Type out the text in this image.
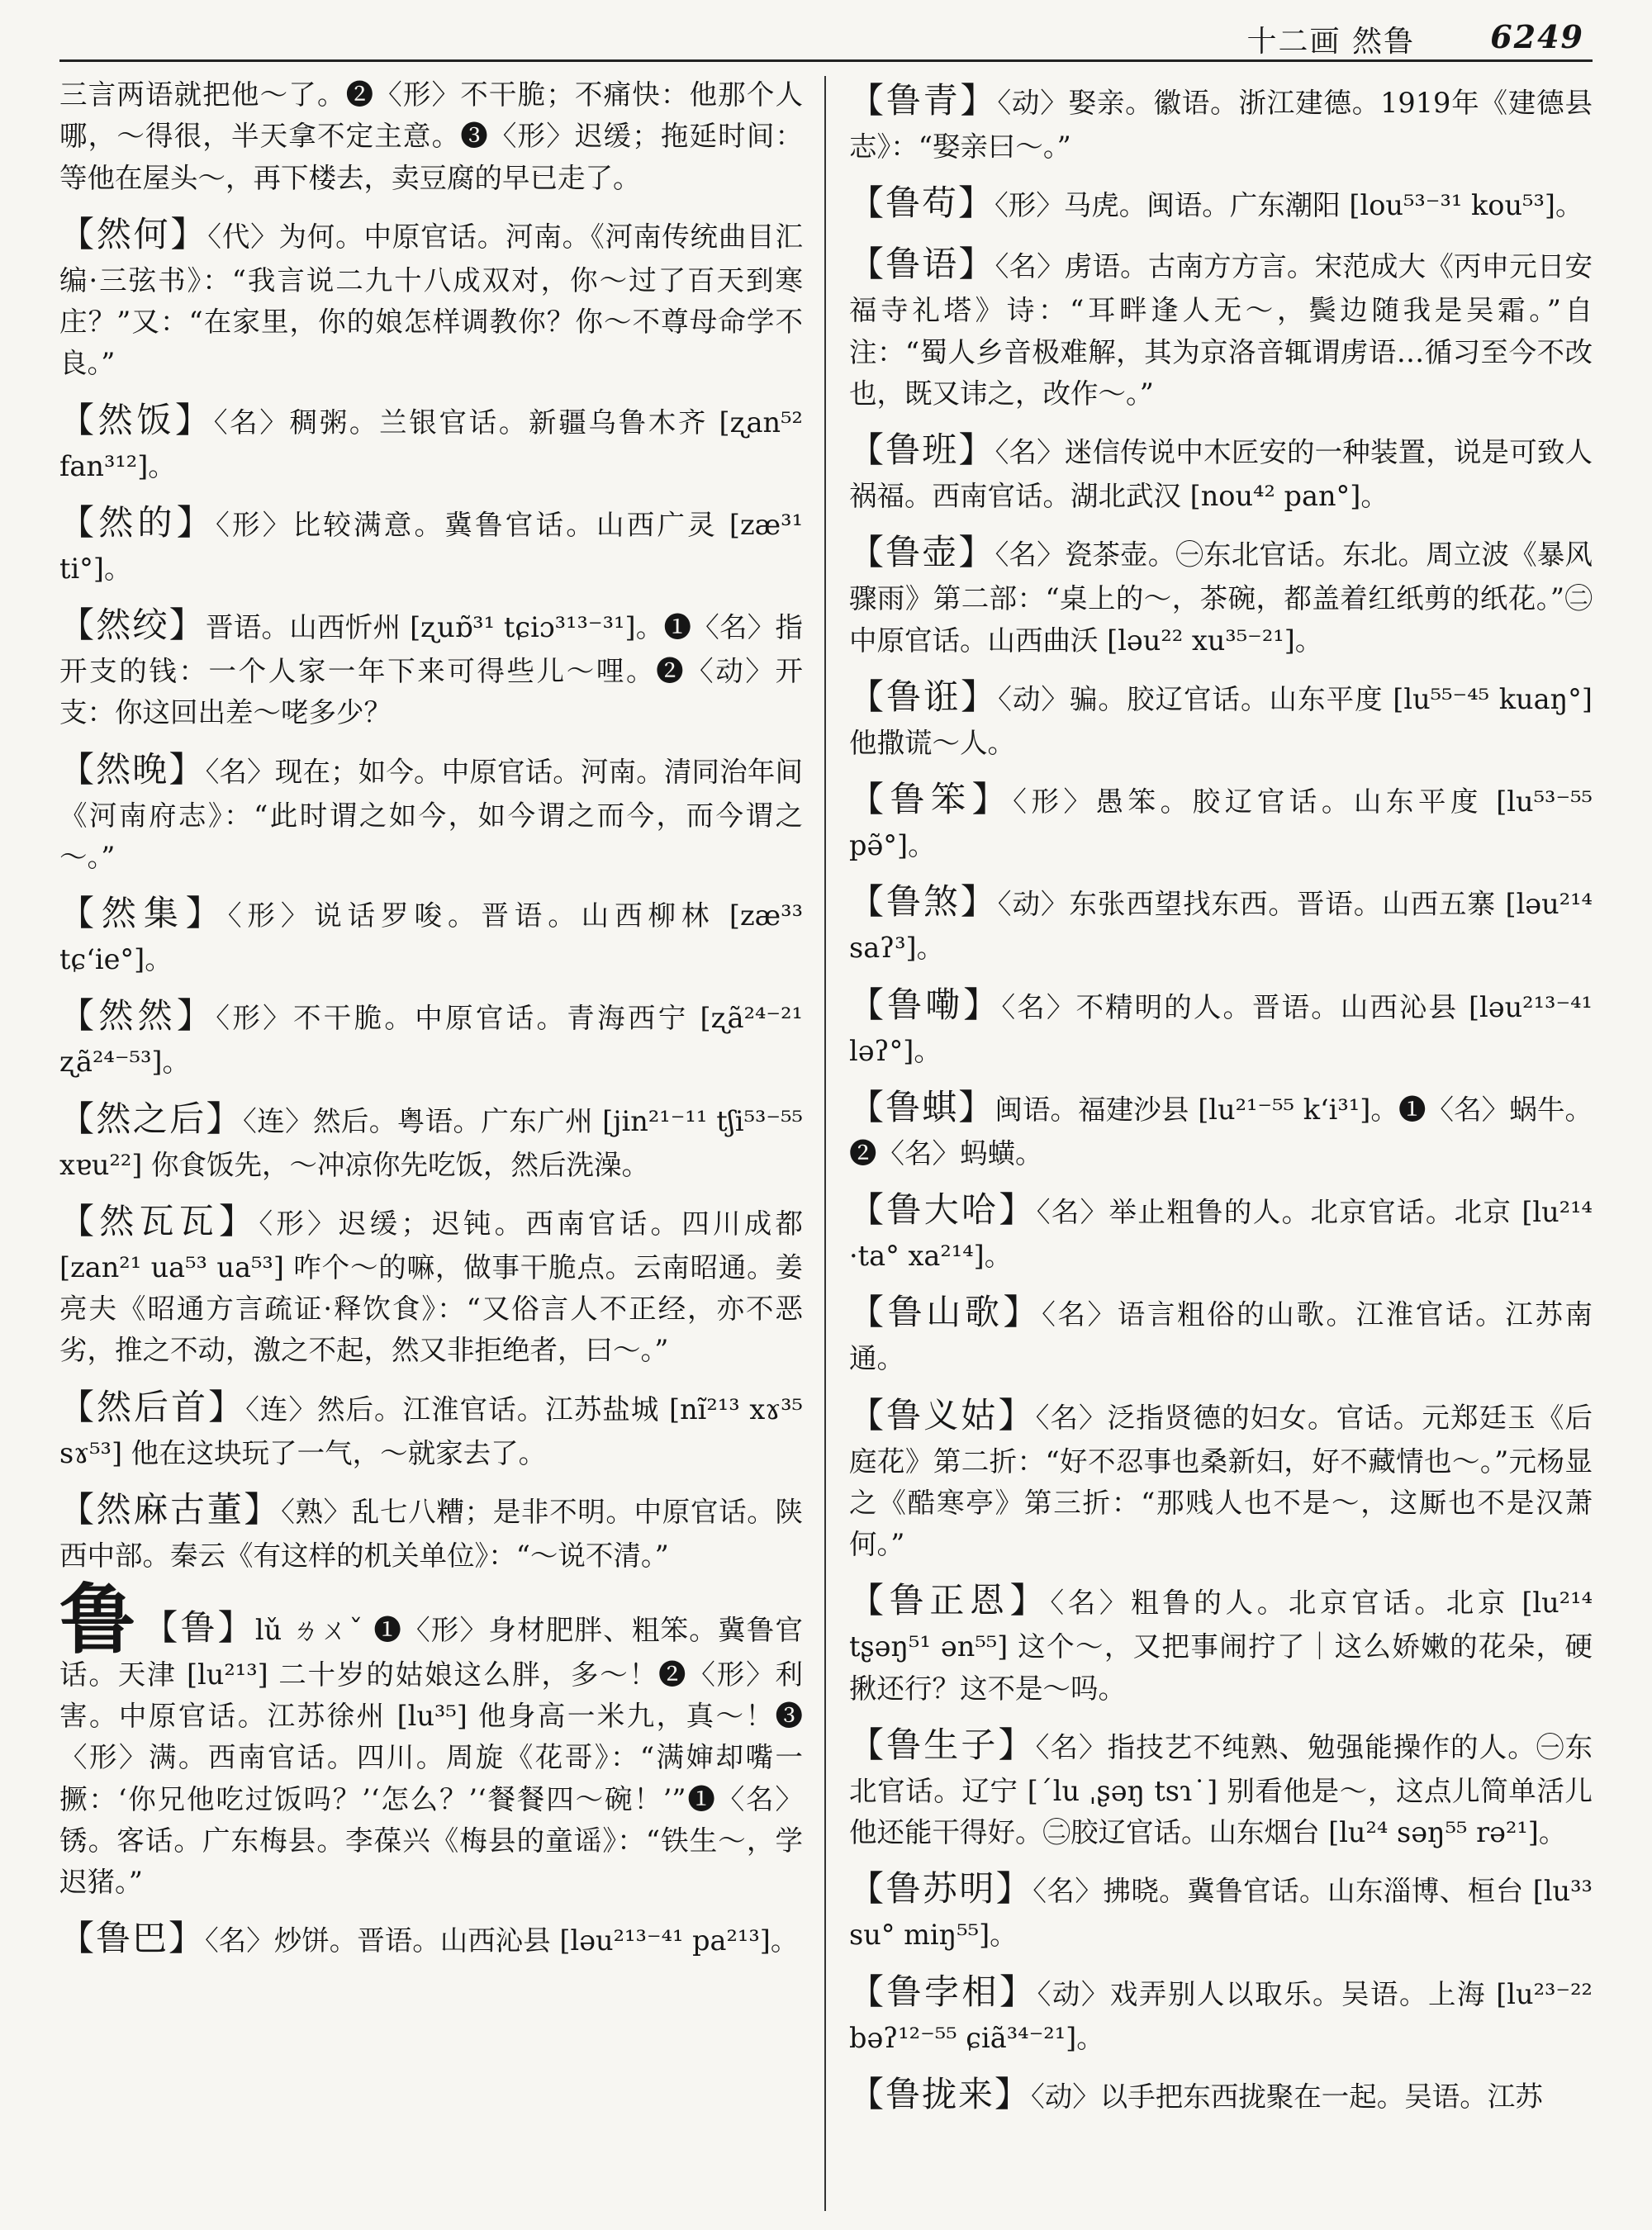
十二画 然鲁 6249

三言两语就把他～了。❷〈形〉不干脆；不痛快：他那个人哪，～得很，半天拿不定主意。❸〈形〉迟缓；拖延时间：等他在屋头～，再下楼去，卖豆腐的早已走了。

【然何】〈代〉为何。中原官话。河南。《河南传统曲目汇编·三弦书》：“我言说二九十八成双对，你～过了百天到寒庄？”又：“在家里，你的娘怎样调教你？你～不尊母命学不良。”

【然饭】〈名〉稠粥。兰银官话。新疆乌鲁木齐 [ʐan⁵² fan³¹²]。

【然的】〈形〉比较满意。冀鲁官话。山西广灵 [zæ³¹ ti°]。

【然绞】晋语。山西忻州 [ʐuɒ̃³¹ tɕiɔ³¹³⁻³¹]。❶〈名〉指开支的钱：一个人家一年下来可得些儿～哩。❷〈动〉开支：你这回出差～咾多少？

【然晚】〈名〉现在；如今。中原官话。河南。清同治年间《河南府志》：“此时谓之如今，如今谓之而今，而今谓之～。”

【然集】〈形〉说话罗唆。晋语。山西柳林 [zæ³³ tɕʻie°]。

【然然】〈形〉不干脆。中原官话。青海西宁 [ʐã²⁴⁻²¹ ʐã²⁴⁻⁵³]。

【然之后】〈连〉然后。粤语。广东广州 [jin²¹⁻¹¹ tʃi⁵³⁻⁵⁵ xɐu²²] 你食饭先，～冲凉你先吃饭，然后洗澡。

【然瓦瓦】〈形〉迟缓；迟钝。西南官话。四川成都 [zan²¹ ua⁵³ ua⁵³] 咋个～的嘛，做事干脆点。云南昭通。姜亮夫《昭通方言疏证·释饮食》：“又俗言人不正经，亦不恶劣，推之不动，激之不起，然又非拒绝者，曰～。”

【然后首】〈连〉然后。江淮官话。江苏盐城 [nĩ²¹³ xɤ³⁵ sɤ⁵³] 他在这块玩了一气，～就家去了。

【然麻古董】〈熟〉乱七八糟；是非不明。中原官话。陕西中部。秦云《有这样的机关单位》：“～说不清。”

鲁 【鲁】lǔ ㄌㄨˇ ❶〈形〉身材肥胖、粗笨。冀鲁官话。天津 [lu²¹³] 二十岁的姑娘这么胖，多～！❷〈形〉利害。中原官话。江苏徐州 [lu³⁵] 他身高一米九，真～！❸〈形〉满。西南官话。四川。周旋《花哥》：“满婶却嘴一撅：‘你兄他吃过饭吗？’‘怎么？’‘餐餐四～碗！’”❶〈名〉锈。客话。广东梅县。李葆兴《梅县的童谣》：“铁生～，学迟猪。”

【鲁巴】〈名〉炒饼。晋语。山西沁县 [ləu²¹³⁻⁴¹ pa²¹³]。

【鲁青】〈动〉娶亲。徽语。浙江建德。1919年《建德县志》：“娶亲曰～。”

【鲁苟】〈形〉马虎。闽语。广东潮阳 [lou⁵³⁻³¹ kou⁵³]。

【鲁语】〈名〉虏语。古南方方言。宋范成大《丙申元日安福寺礼塔》诗：“耳畔逢人无～，鬓边随我是吴霜。”自注：“蜀人乡音极难解，其为京洛音辄谓虏语…循习至今不改也，既又讳之，改作～。”

【鲁班】〈名〉迷信传说中木匠安的一种装置，说是可致人祸福。西南官话。湖北武汉 [nou⁴² pan°]。

【鲁壶】〈名〉瓷茶壶。㊀东北官话。东北。周立波《暴风骤雨》第二部：“桌上的～，茶碗，都盖着红纸剪的纸花。”㊁中原官话。山西曲沃 [ləu²² xu³⁵⁻²¹]。

【鲁诳】〈动〉骗。胶辽官话。山东平度 [lu⁵⁵⁻⁴⁵ kuaŋ°] 他撒谎～人。

【鲁笨】〈形〉愚笨。胶辽官话。山东平度 [lu⁵³⁻⁵⁵ pə̃°]。

【鲁煞】〈动〉东张西望找东西。晋语。山西五寨 [ləu²¹⁴ saʔ³]。

【鲁嘞】〈名〉不精明的人。晋语。山西沁县 [ləu²¹³⁻⁴¹ ləʔ°]。

【鲁蜞】闽语。福建沙县 [lu²¹⁻⁵⁵ kʻi³¹]。❶〈名〉蜗牛。❷〈名〉蚂蟥。

【鲁大哈】〈名〉举止粗鲁的人。北京官话。北京 [lu²¹⁴ ·ta° xa²¹⁴]。

【鲁山歌】〈名〉语言粗俗的山歌。江淮官话。江苏南通。

【鲁义姑】〈名〉泛指贤德的妇女。官话。元郑廷玉《后庭花》第二折：“好不忍事也桑新妇，好不藏情也～。”元杨显之《酷寒亭》第三折：“那贱人也不是～，这厮也不是汉萧何。”

【鲁正恩】〈名〉粗鲁的人。北京官话。北京 [lu²¹⁴ tʂəŋ⁵¹ ən⁵⁵] 这个～，又把事闹拧了｜这么娇嫩的花朵，硬揪还行？这不是～吗。

【鲁生子】〈名〉指技艺不纯熟、勉强能操作的人。㊀东北官话。辽宁 [ˊlu ˌʂəŋ tsɿ˙] 别看他是～，这点儿简单活儿他还能干得好。㊁胶辽官话。山东烟台 [lu²⁴ səŋ⁵⁵ rə²¹]。

【鲁苏明】〈名〉拂晓。冀鲁官话。山东淄博、桓台 [lu³³ su° miŋ⁵⁵]。

【鲁孛相】〈动〉戏弄别人以取乐。吴语。上海 [lu²³⁻²² bəʔ¹²⁻⁵⁵ ɕiã³⁴⁻²¹]。

【鲁拢来】〈动〉以手把东西拢聚在一起。吴语。江苏
